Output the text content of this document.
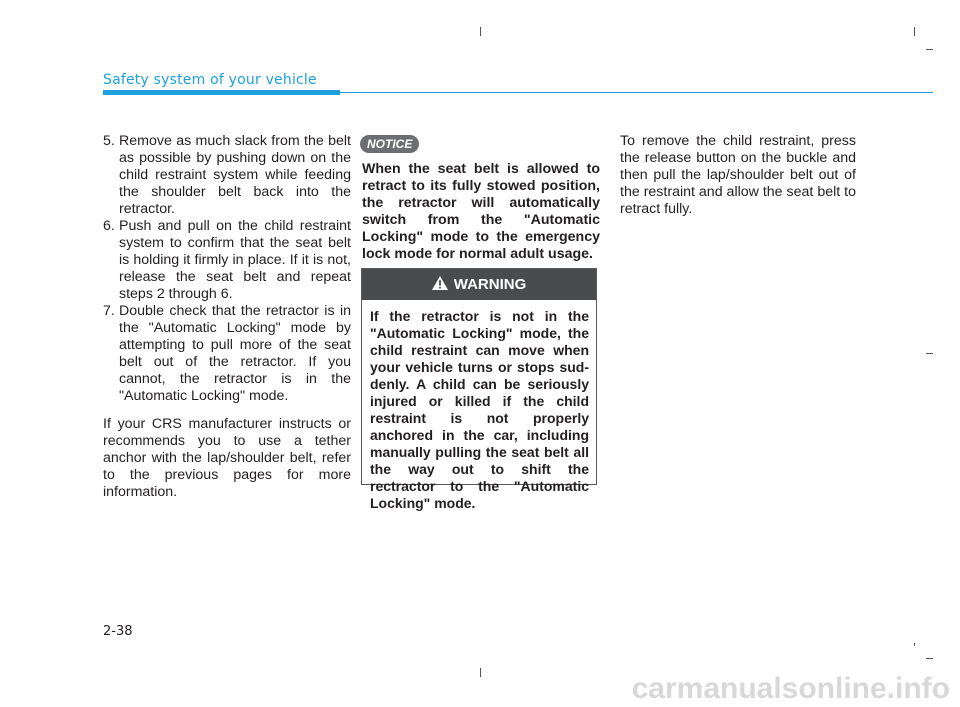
Safety system of your vehicle
5. Remove as much slack from the belt as possible by pushing down on the child restraint system while feeding the shoulder belt back into the retractor.
6. Push and pull on the child restraint system to confirm that the seat belt is holding it firmly in place. If it is not, release the seat belt and repeat steps 2 through 6.
7. Double check that the retractor is in the "Automatic Locking" mode by attempting to pull more of the seat belt out of the retractor. If you cannot, the retractor is in the "Automatic Locking" mode.

If your CRS manufacturer instructs or recommends you to use a tether anchor with the lap/shoulder belt, refer to the previous pages for more information.

NOTICE
When the seat belt is allowed to retract to its fully stowed position, the retractor will automatically switch from the "Automatic Locking" mode to the emergency lock mode for normal adult usage.
WARNING
If the retractor is not in the "Automatic Locking" mode, the child restraint can move when your vehicle turns or stops sud-denly. A child can be seriously injured or killed if the child restraint is not properly anchored in the car, including manually pulling the seat belt all the way out to shift the rectractor to the "Automatic Locking" mode.

To remove the child restraint, press the release button on the buckle and then pull the lap/shoulder belt out of the restraint and allow the seat belt to retract fully.

2-38
carmanualsonline.info
